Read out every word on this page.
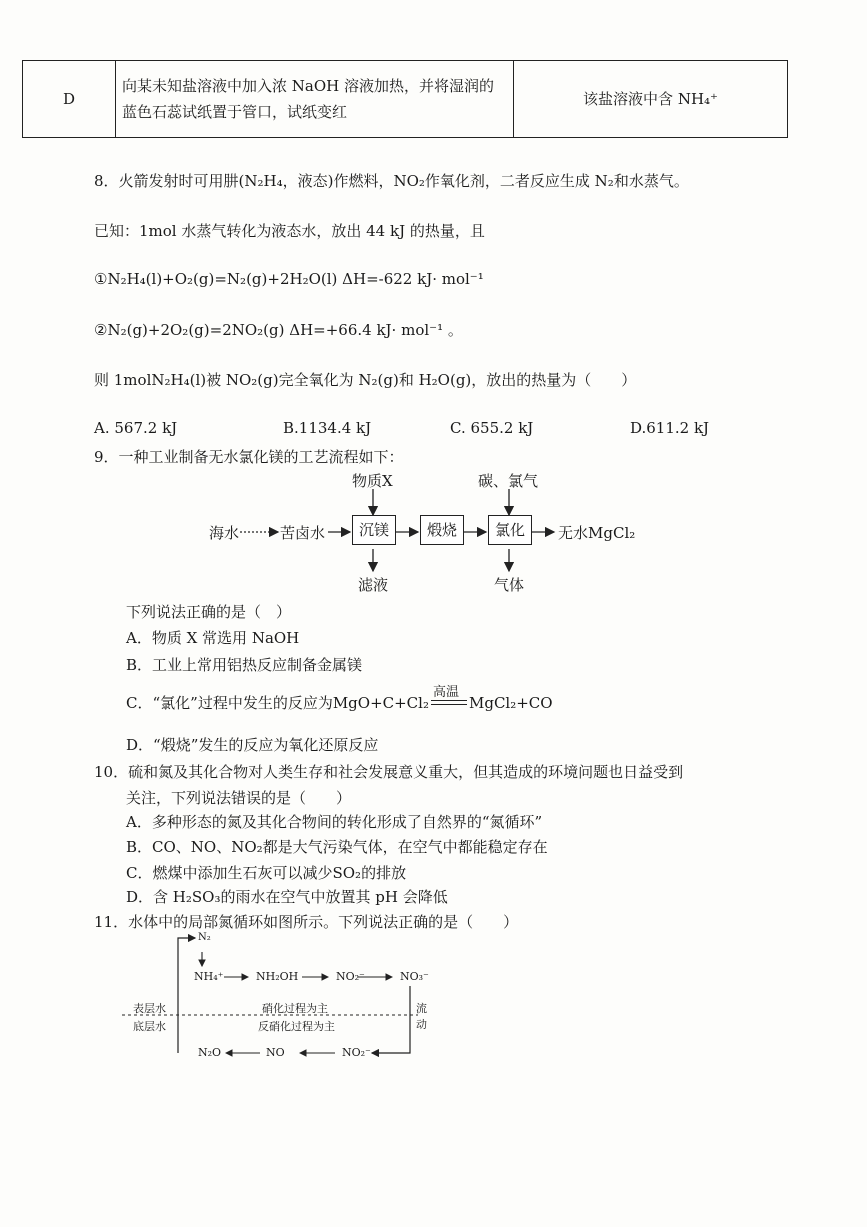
D	向某未知盐溶液中加入浓 NaOH 溶液加热，并将湿润的蓝色石蕊试纸置于管口，试纸变红	该盐溶液中含 NH₄⁺
8．火箭发射时可用肼(N₂H₄，液态)作燃料，NO₂作氧化剂，二者反应生成 N₂和水蒸气。
已知：1mol 水蒸气转化为液态水，放出 44 kJ 的热量，且
①N₂H₄(l)+O₂(g)=N₂(g)+2H₂O(l) ΔH=-622 kJ· mol⁻¹
②N₂(g)+2O₂(g)=2NO₂(g) ΔH=+66.4 kJ· mol⁻¹ 。
则 1molN₂H₄(l)被 NO₂(g)完全氧化为 N₂(g)和 H₂O(g)，放出的热量为（　　）
A. 567.2 kJ	B.1134.4 kJ	C. 655.2 kJ	D.611.2 kJ
9．一种工业制备无水氯化镁的工艺流程如下：
海水	苦卤水	沉镁	煅烧	氯化	无水MgCl₂
物质X	碳、氯气
滤液	气体
下列说法正确的是（　）
A．物质 X 常选用 NaOH
B．工业上常用铝热反应制备金属镁
C．“氯化”过程中发生的反应为MgO+C+Cl₂
高温
MgCl₂+CO
D．“煅烧”发生的反应为氧化还原反应
10．硫和氮及其化合物对人类生存和社会发展意义重大，但其造成的环境问题也日益受到
关注，下列说法错误的是（　　）
A．多种形态的氮及其化合物间的转化形成了自然界的“氮循环”
B．CO、NO、NO₂都是大气污染气体，在空气中都能稳定存在
C．燃煤中添加生石灰可以减少SO₂的排放
D．含 H₂SO₃的雨水在空气中放置其 pH 会降低
11．水体中的局部氮循环如图所示。下列说法正确的是（　　）
N₂
NH₄⁺	NH₂OH	NO₂⁻	NO₃⁻
NO₂⁻
NO
N₂O
表层水
底层水
硝化过程为主
反硝化过程为主
流
动
